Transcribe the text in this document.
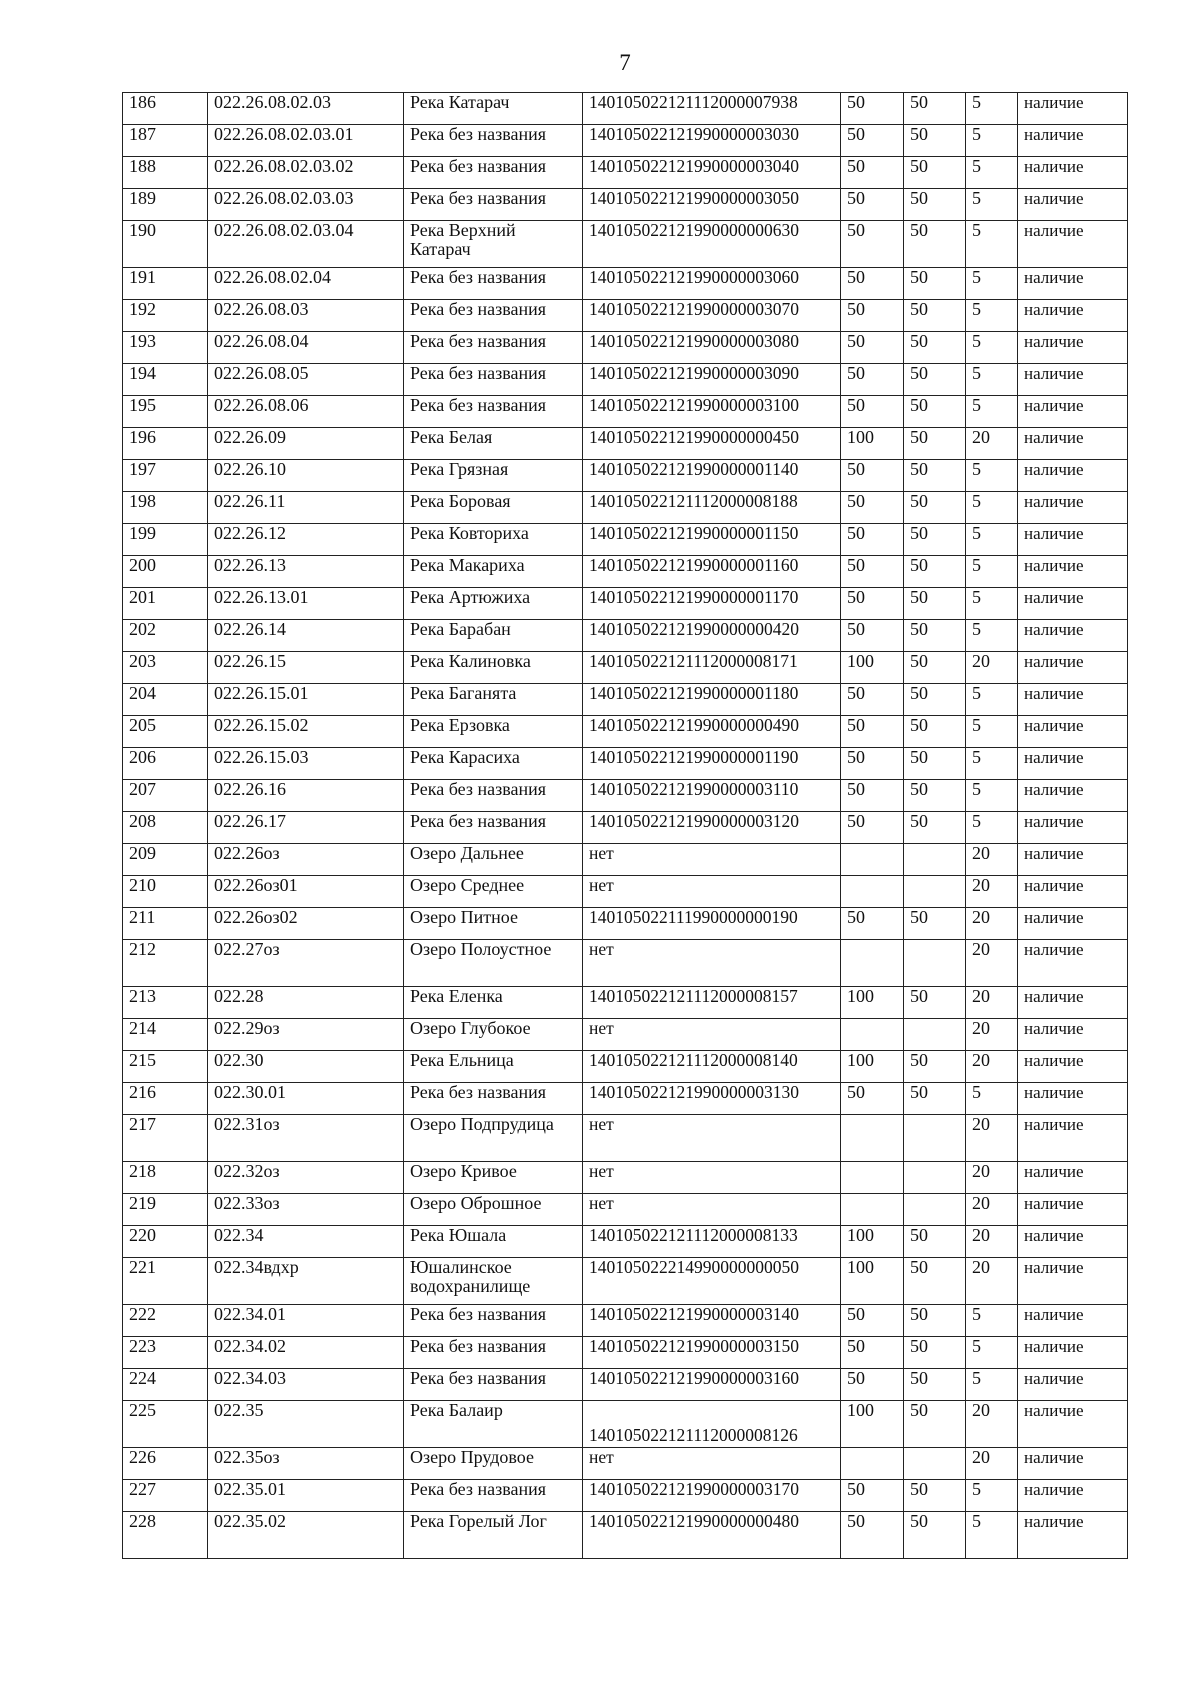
7
186	022.26.08.02.03	Река Катарач	140105022121112000007938	50	50	5	наличие
187	022.26.08.02.03.01	Река без названия	140105022121990000003030	50	50	5	наличие
188	022.26.08.02.03.02	Река без названия	140105022121990000003040	50	50	5	наличие
189	022.26.08.02.03.03	Река без названия	140105022121990000003050	50	50	5	наличие
190	022.26.08.02.03.04	Река Верхний Катарач	140105022121990000000630	50	50	5	наличие
191	022.26.08.02.04	Река без названия	140105022121990000003060	50	50	5	наличие
192	022.26.08.03	Река без названия	140105022121990000003070	50	50	5	наличие
193	022.26.08.04	Река без названия	140105022121990000003080	50	50	5	наличие
194	022.26.08.05	Река без названия	140105022121990000003090	50	50	5	наличие
195	022.26.08.06	Река без названия	140105022121990000003100	50	50	5	наличие
196	022.26.09	Река Белая	140105022121990000000450	100	50	20	наличие
197	022.26.10	Река Грязная	140105022121990000001140	50	50	5	наличие
198	022.26.11	Река Боровая	140105022121112000008188	50	50	5	наличие
199	022.26.12	Река Ковториха	140105022121990000001150	50	50	5	наличие
200	022.26.13	Река Макариха	140105022121990000001160	50	50	5	наличие
201	022.26.13.01	Река Артюжиха	140105022121990000001170	50	50	5	наличие
202	022.26.14	Река Барабан	140105022121990000000420	50	50	5	наличие
203	022.26.15	Река Калиновка	140105022121112000008171	100	50	20	наличие
204	022.26.15.01	Река Баганята	140105022121990000001180	50	50	5	наличие
205	022.26.15.02	Река Ерзовка	140105022121990000000490	50	50	5	наличие
206	022.26.15.03	Река Карасиха	140105022121990000001190	50	50	5	наличие
207	022.26.16	Река без названия	140105022121990000003110	50	50	5	наличие
208	022.26.17	Река без названия	140105022121990000003120	50	50	5	наличие
209	022.26оз	Озеро Дальнее	нет			20	наличие
210	022.26оз01	Озеро Среднее	нет			20	наличие
211	022.26оз02	Озеро Питное	140105022111990000000190	50	50	20	наличие
212	022.27оз	Озеро Полоустное	нет			20	наличие
213	022.28	Река Еленка	140105022121112000008157	100	50	20	наличие
214	022.29оз	Озеро Глубокое	нет			20	наличие
215	022.30	Река Ельница	140105022121112000008140	100	50	20	наличие
216	022.30.01	Река без названия	140105022121990000003130	50	50	5	наличие
217	022.31оз	Озеро Подпрудица	нет			20	наличие
218	022.32оз	Озеро Кривое	нет			20	наличие
219	022.33оз	Озеро Оброшное	нет			20	наличие
220	022.34	Река Юшала	140105022121112000008133	100	50	20	наличие
221	022.34вдхр	Юшалинское водохранилище	140105022214990000000050	100	50	20	наличие
222	022.34.01	Река без названия	140105022121990000003140	50	50	5	наличие
223	022.34.02	Река без названия	140105022121990000003150	50	50	5	наличие
224	022.34.03	Река без названия	140105022121990000003160	50	50	5	наличие
225	022.35	Река Балаир	140105022121112000008126	100	50	20	наличие
226	022.35оз	Озеро Прудовое	нет			20	наличие
227	022.35.01	Река без названия	140105022121990000003170	50	50	5	наличие
228	022.35.02	Река Горелый Лог	140105022121990000000480	50	50	5	наличие
